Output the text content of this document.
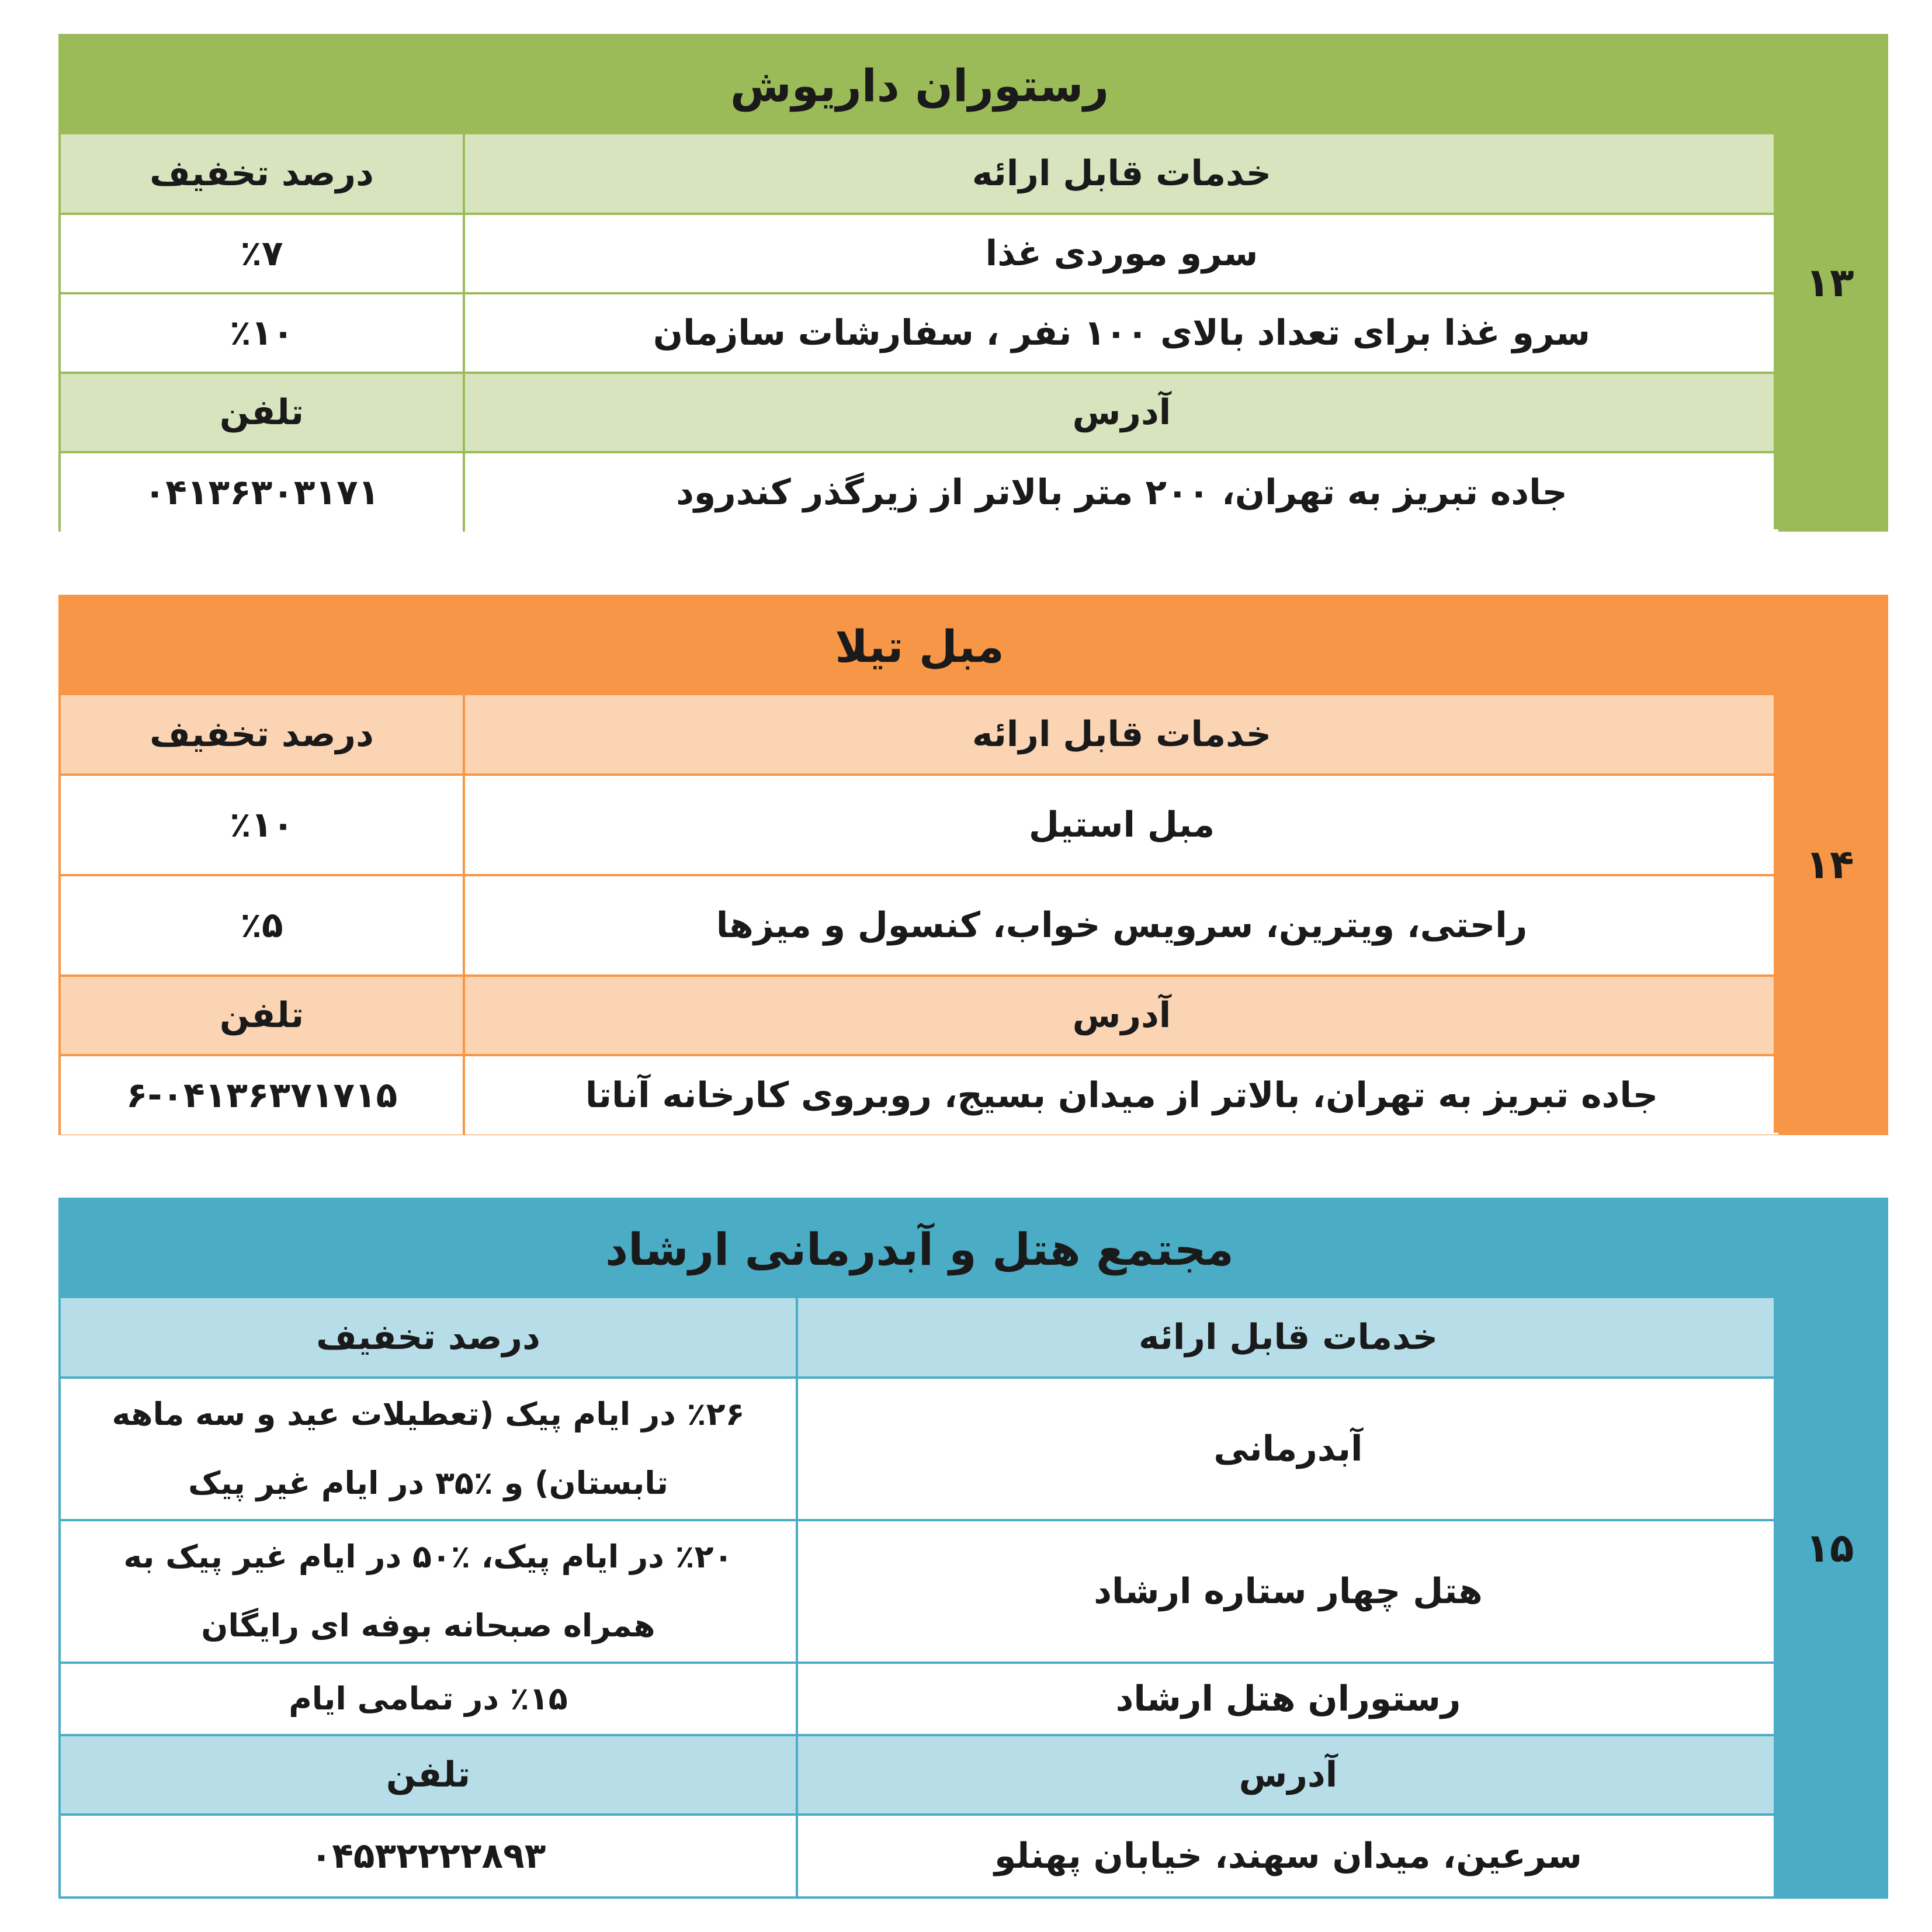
رستوران داریوش	
خدمات قابل ارائه	درصد تخفیف
سرو موردی غذا	٪۷
سرو غذا برای تعداد بالای ۱۰۰ نفر ، سفارشات سازمان	٪۱۰
آدرس	تلفن
جاده تبریز به تهران، ۲۰۰ متر بالاتر از زیرگذر کندرود	۰۴۱۳۶۳۰۳۱۷۱
۱۳
مبل تیلا	
خدمات قابل ارائه	درصد تخفیف
مبل استیل	٪۱۰
راحتی، ویترین، سرویس خواب، کنسول و میزها	٪۵
آدرس	تلفن
جاده تبریز به تهران، بالاتر از میدان بسیج، روبروی کارخانه آناتا	۶-۰۴۱۳۶۳۷۱۷۱۵
۱۴
مجتمع هتل و آبدرمانی ارشاد	
خدمات قابل ارائه	درصد تخفیف
آبدرمانی	٪۲۶ در ایام پیک (تعطیلات عید و سه ماهه تابستان) و ٪۳۵ در ایام غیر پیک
هتل چهار ستاره ارشاد	٪۲۰ در ایام پیک، ٪۵۰ در ایام غیر پیک به همراه صبحانه بوفه ای رایگان
رستوران هتل ارشاد	٪۱۵ در تمامی ایام
آدرس	تلفن
سرعین، میدان سهند، خیابان پهنلو	۰۴۵۳۲۲۲۲۸۹۳
۱۵
